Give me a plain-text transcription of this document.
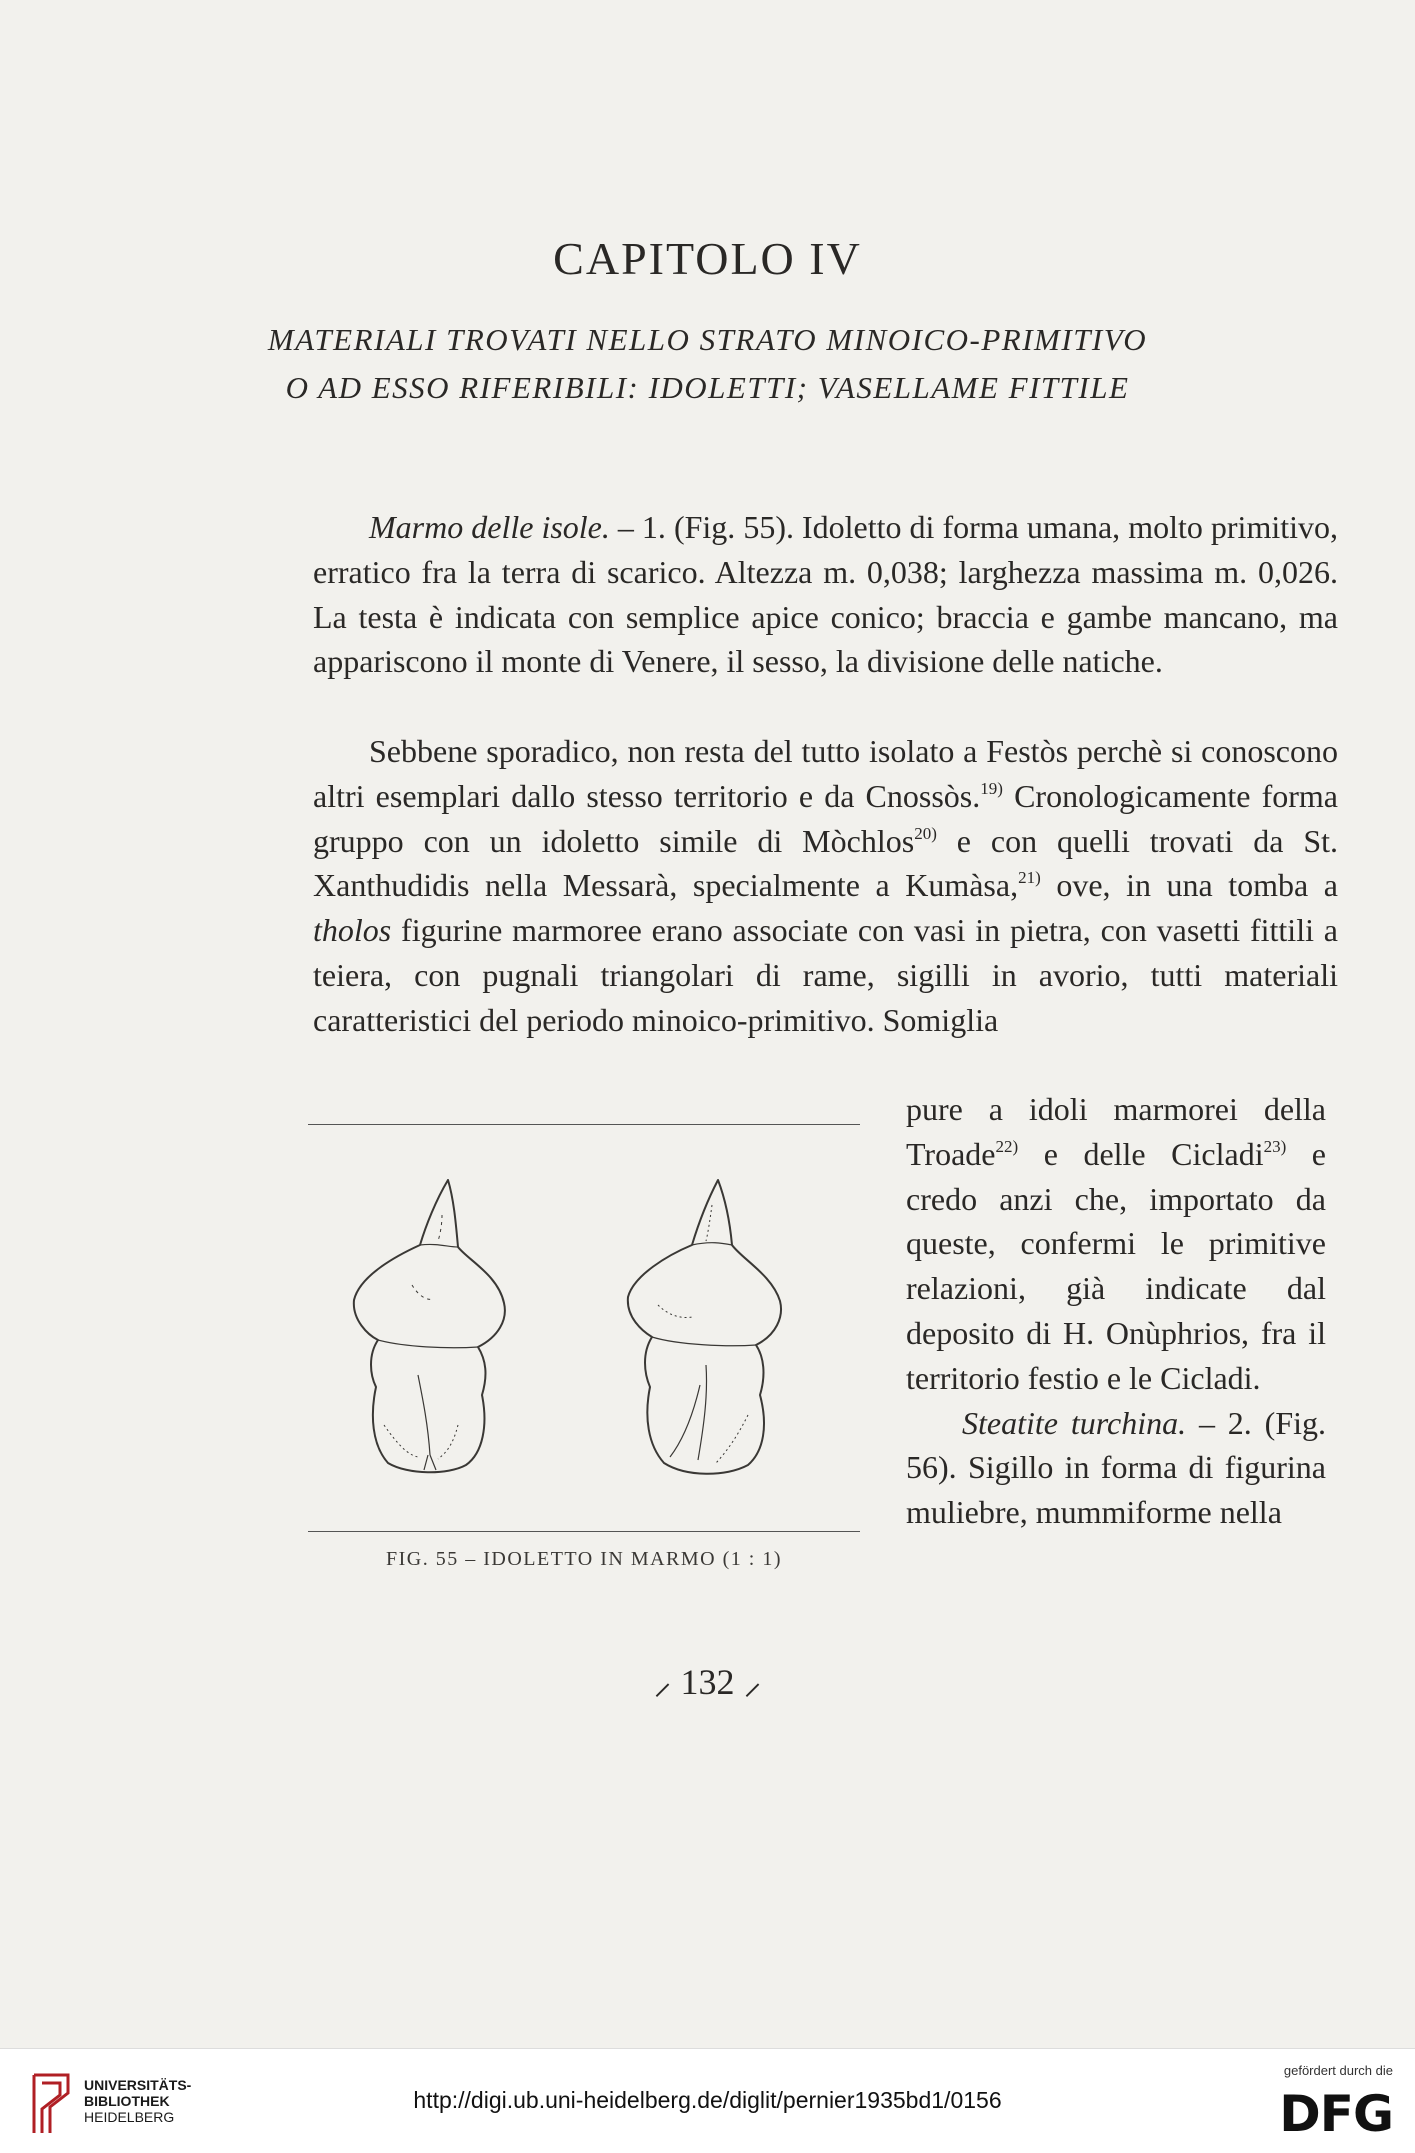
CAPITOLO IV
MATERIALI TROVATI NELLO STRATO MINOICO-PRIMITIVO
O AD ESSO RIFERIBILI: IDOLETTI; VASELLAME FITTILE
Marmo delle isole. – 1. (Fig. 55). Idoletto di forma umana, molto primitivo, erratico fra la terra di scarico. Altezza m. 0,038; larghezza massima m. 0,026. La testa è indicata con semplice apice conico; braccia e gambe mancano, ma appariscono il monte di Venere, il sesso, la divisione delle natiche.
Sebbene sporadico, non resta del tutto isolato a Festòs perchè si conoscono altri esemplari dallo stesso territorio e da Cnossòs.$^{19)}$ Cronologicamente forma gruppo con un idoletto simile di Mòchlos$^{20)}$ e con quelli trovati da St. Xanthudidis nella Messarà, specialmente a Kumàsa,$^{21)}$ ove, in una tomba a tholos figurine marmoree erano associate con vasi in pietra, con vasetti fittili a teiera, con pugnali triangolari di rame, sigilli in avorio, tutti materiali caratteristici del periodo minoico-primitivo. Somiglia
pure a idoli marmorei della Troade$^{22)}$ e delle Cicladi$^{23)}$ e credo anzi che, importato da queste, confermi le primitive relazioni, già indicate dal deposito di H. Onùphrios, fra il territorio festio e le Cicladi.
Steatite turchina. – 2. (Fig. 56). Sigillo in forma di figurina muliebre, mummiforme nella
FIG. 55 – IDOLETTO IN MARMO (1 : 1)
⸝ 132 ⸝
UNIVERSITÄTS-
BIBLIOTHEK
HEIDELBERG
http://digi.ub.uni-heidelberg.de/diglit/pernier1935bd1/0156
gefördert durch die
DFG
